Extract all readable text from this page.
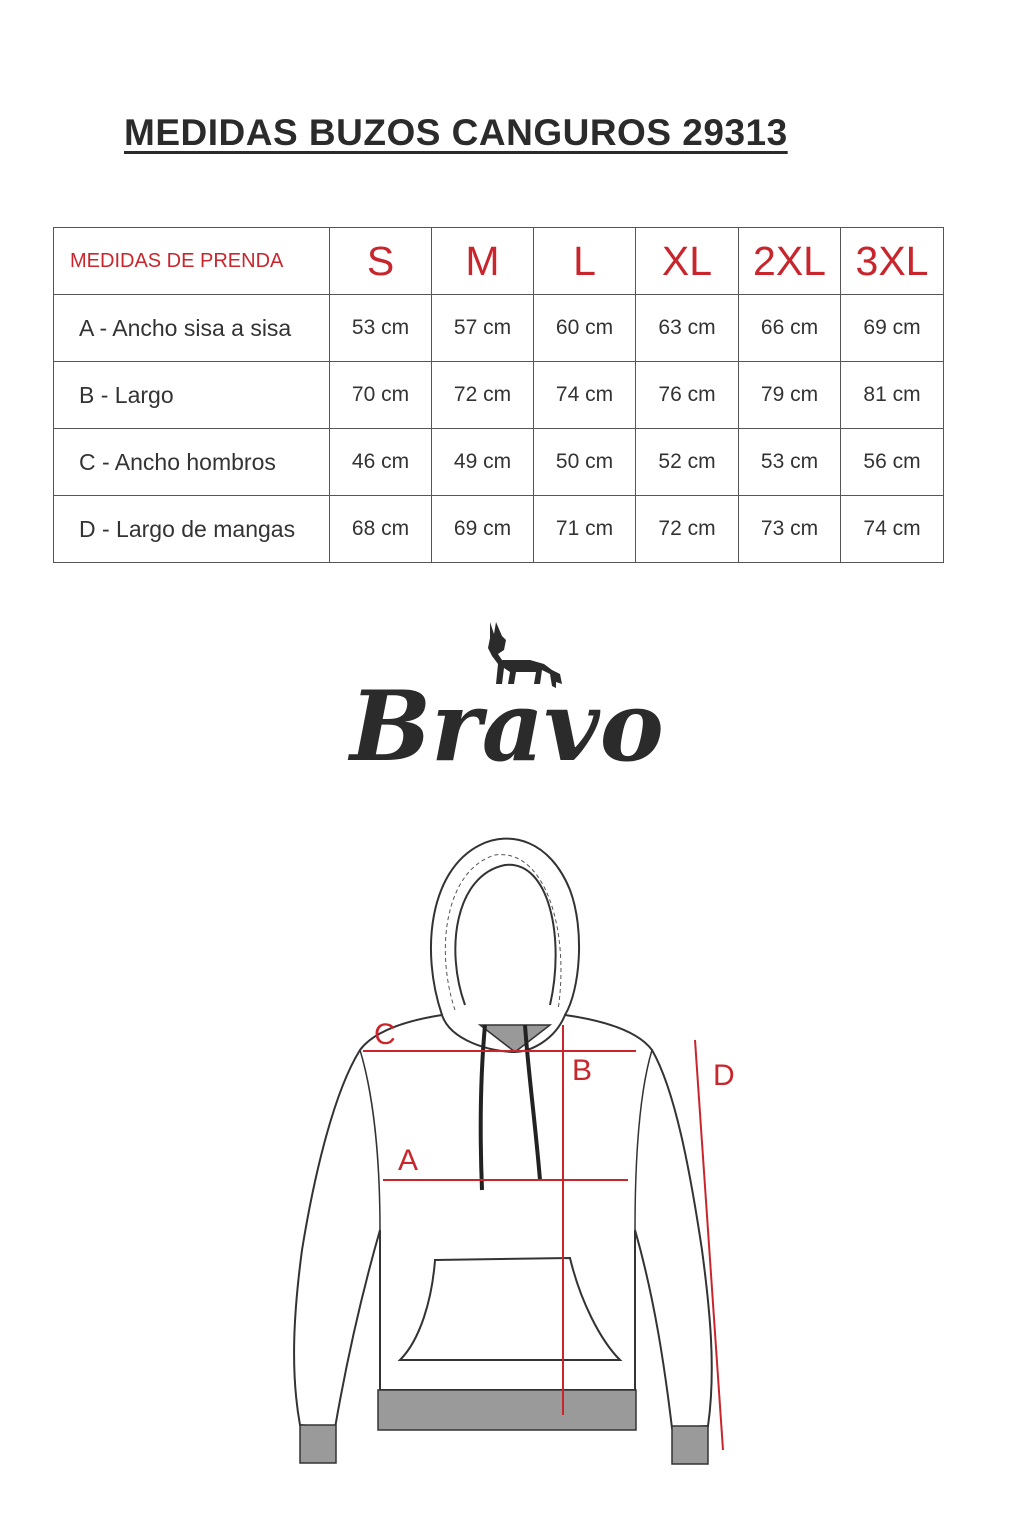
MEDIDAS BUZOS CANGUROS 29313
MEDIDAS DE PRENDA	S	M	L	XL	2XL	3XL
A - Ancho sisa a sisa	53 cm	57 cm	60 cm	63 cm	66 cm	69 cm
B - Largo	70 cm	72 cm	74 cm	76 cm	79 cm	81 cm
C - Ancho hombros	46 cm	49 cm	50 cm	52 cm	53 cm	56 cm
D - Largo de mangas	68 cm	69 cm	71 cm	72 cm	73 cm	74 cm
Bravo
C
B
A
D
